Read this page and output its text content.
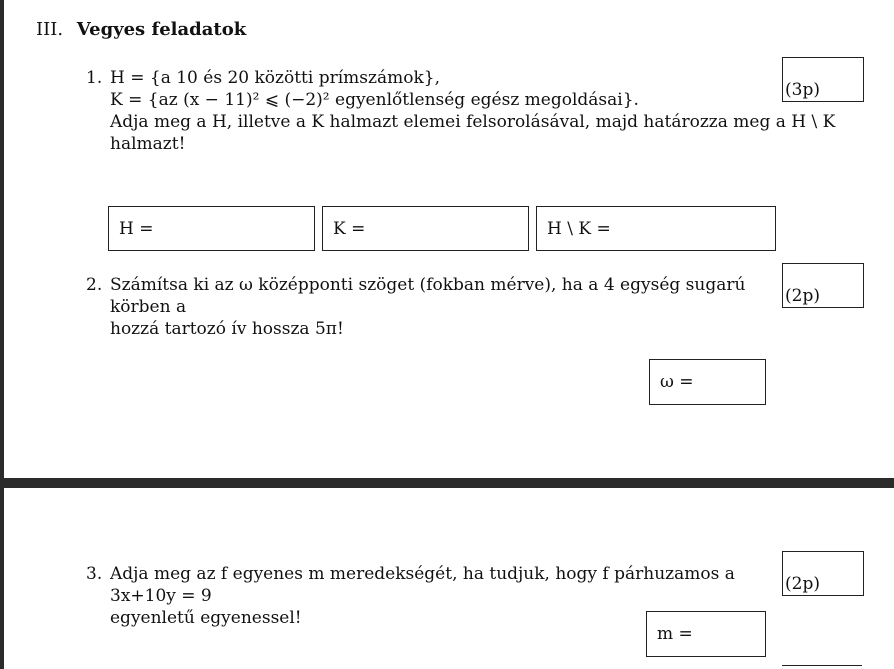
III. Vegyes feladatok
1. H = {a 10 és 20 közötti prímszámok},
K = {az (x − 11)² ⩽ (−2)² egyenlőtlenség egész megoldásai}.
Adja meg a H, illetve a K halmazt elemei felsorolásával, majd határozza meg a H \ K halmazt!
(3p)
H =	K =	H \ K =
2. Számítsa ki az ω középponti szöget (fokban mérve), ha a 4 egység sugarú körben a
hozzá tartozó ív hossza 5π!
(2p)
ω =
3. Adja meg az f egyenes m meredekségét, ha tudjuk, hogy f párhuzamos a 3x+10y = 9
egyenletű egyenessel!
(2p)
m =
